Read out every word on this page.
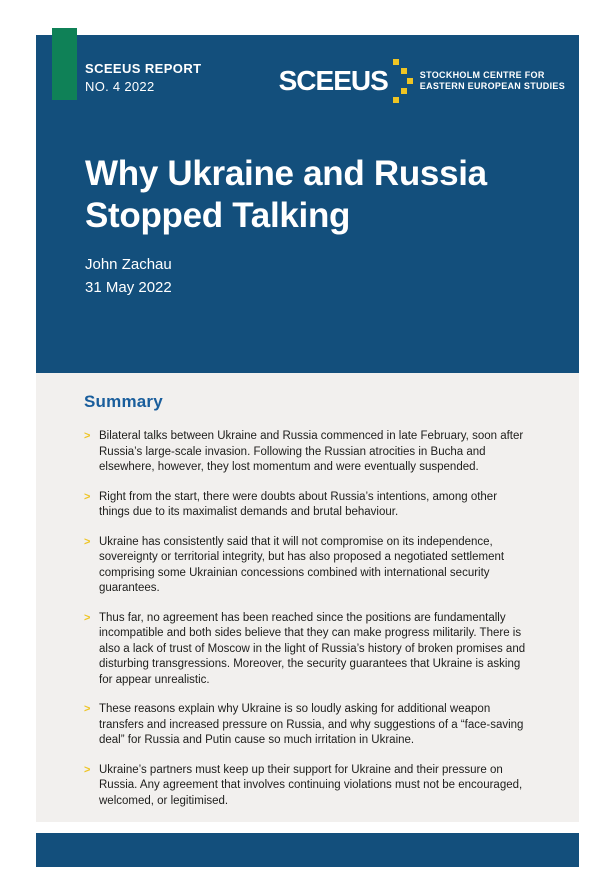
SCEEUS REPORT
NO. 4 2022	SCEEUS	STOCKHOLM CENTRE FOR
EASTERN EUROPEAN STUDIES
Why Ukraine and Russia
Stopped Talking
John Zachau
31 May 2022
Summary
> Bilateral talks between Ukraine and Russia commenced in late February, soon after Russia’s large-scale invasion. Following the Russian atrocities in Bucha and elsewhere, however, they lost momentum and were eventually suspended.
> Right from the start, there were doubts about Russia’s intentions, among other things due to its maximalist demands and brutal behaviour.
> Ukraine has consistently said that it will not compromise on its independence, sovereignty or territorial integrity, but has also proposed a negotiated settlement comprising some Ukrainian concessions combined with international security guarantees.
> Thus far, no agreement has been reached since the positions are fundamentally incompatible and both sides believe that they can make progress militarily. There is also a lack of trust of Moscow in the light of Russia’s history of broken promises and disturbing transgressions. Moreover, the security guarantees that Ukraine is asking for appear unrealistic.
> These reasons explain why Ukraine is so loudly asking for additional weapon transfers and increased pressure on Russia, and why suggestions of a “face-saving deal” for Russia and Putin cause so much irritation in Ukraine.
> Ukraine’s partners must keep up their support for Ukraine and their pressure on Russia. Any agreement that involves continuing violations must not be encouraged, welcomed, or legitimised.
